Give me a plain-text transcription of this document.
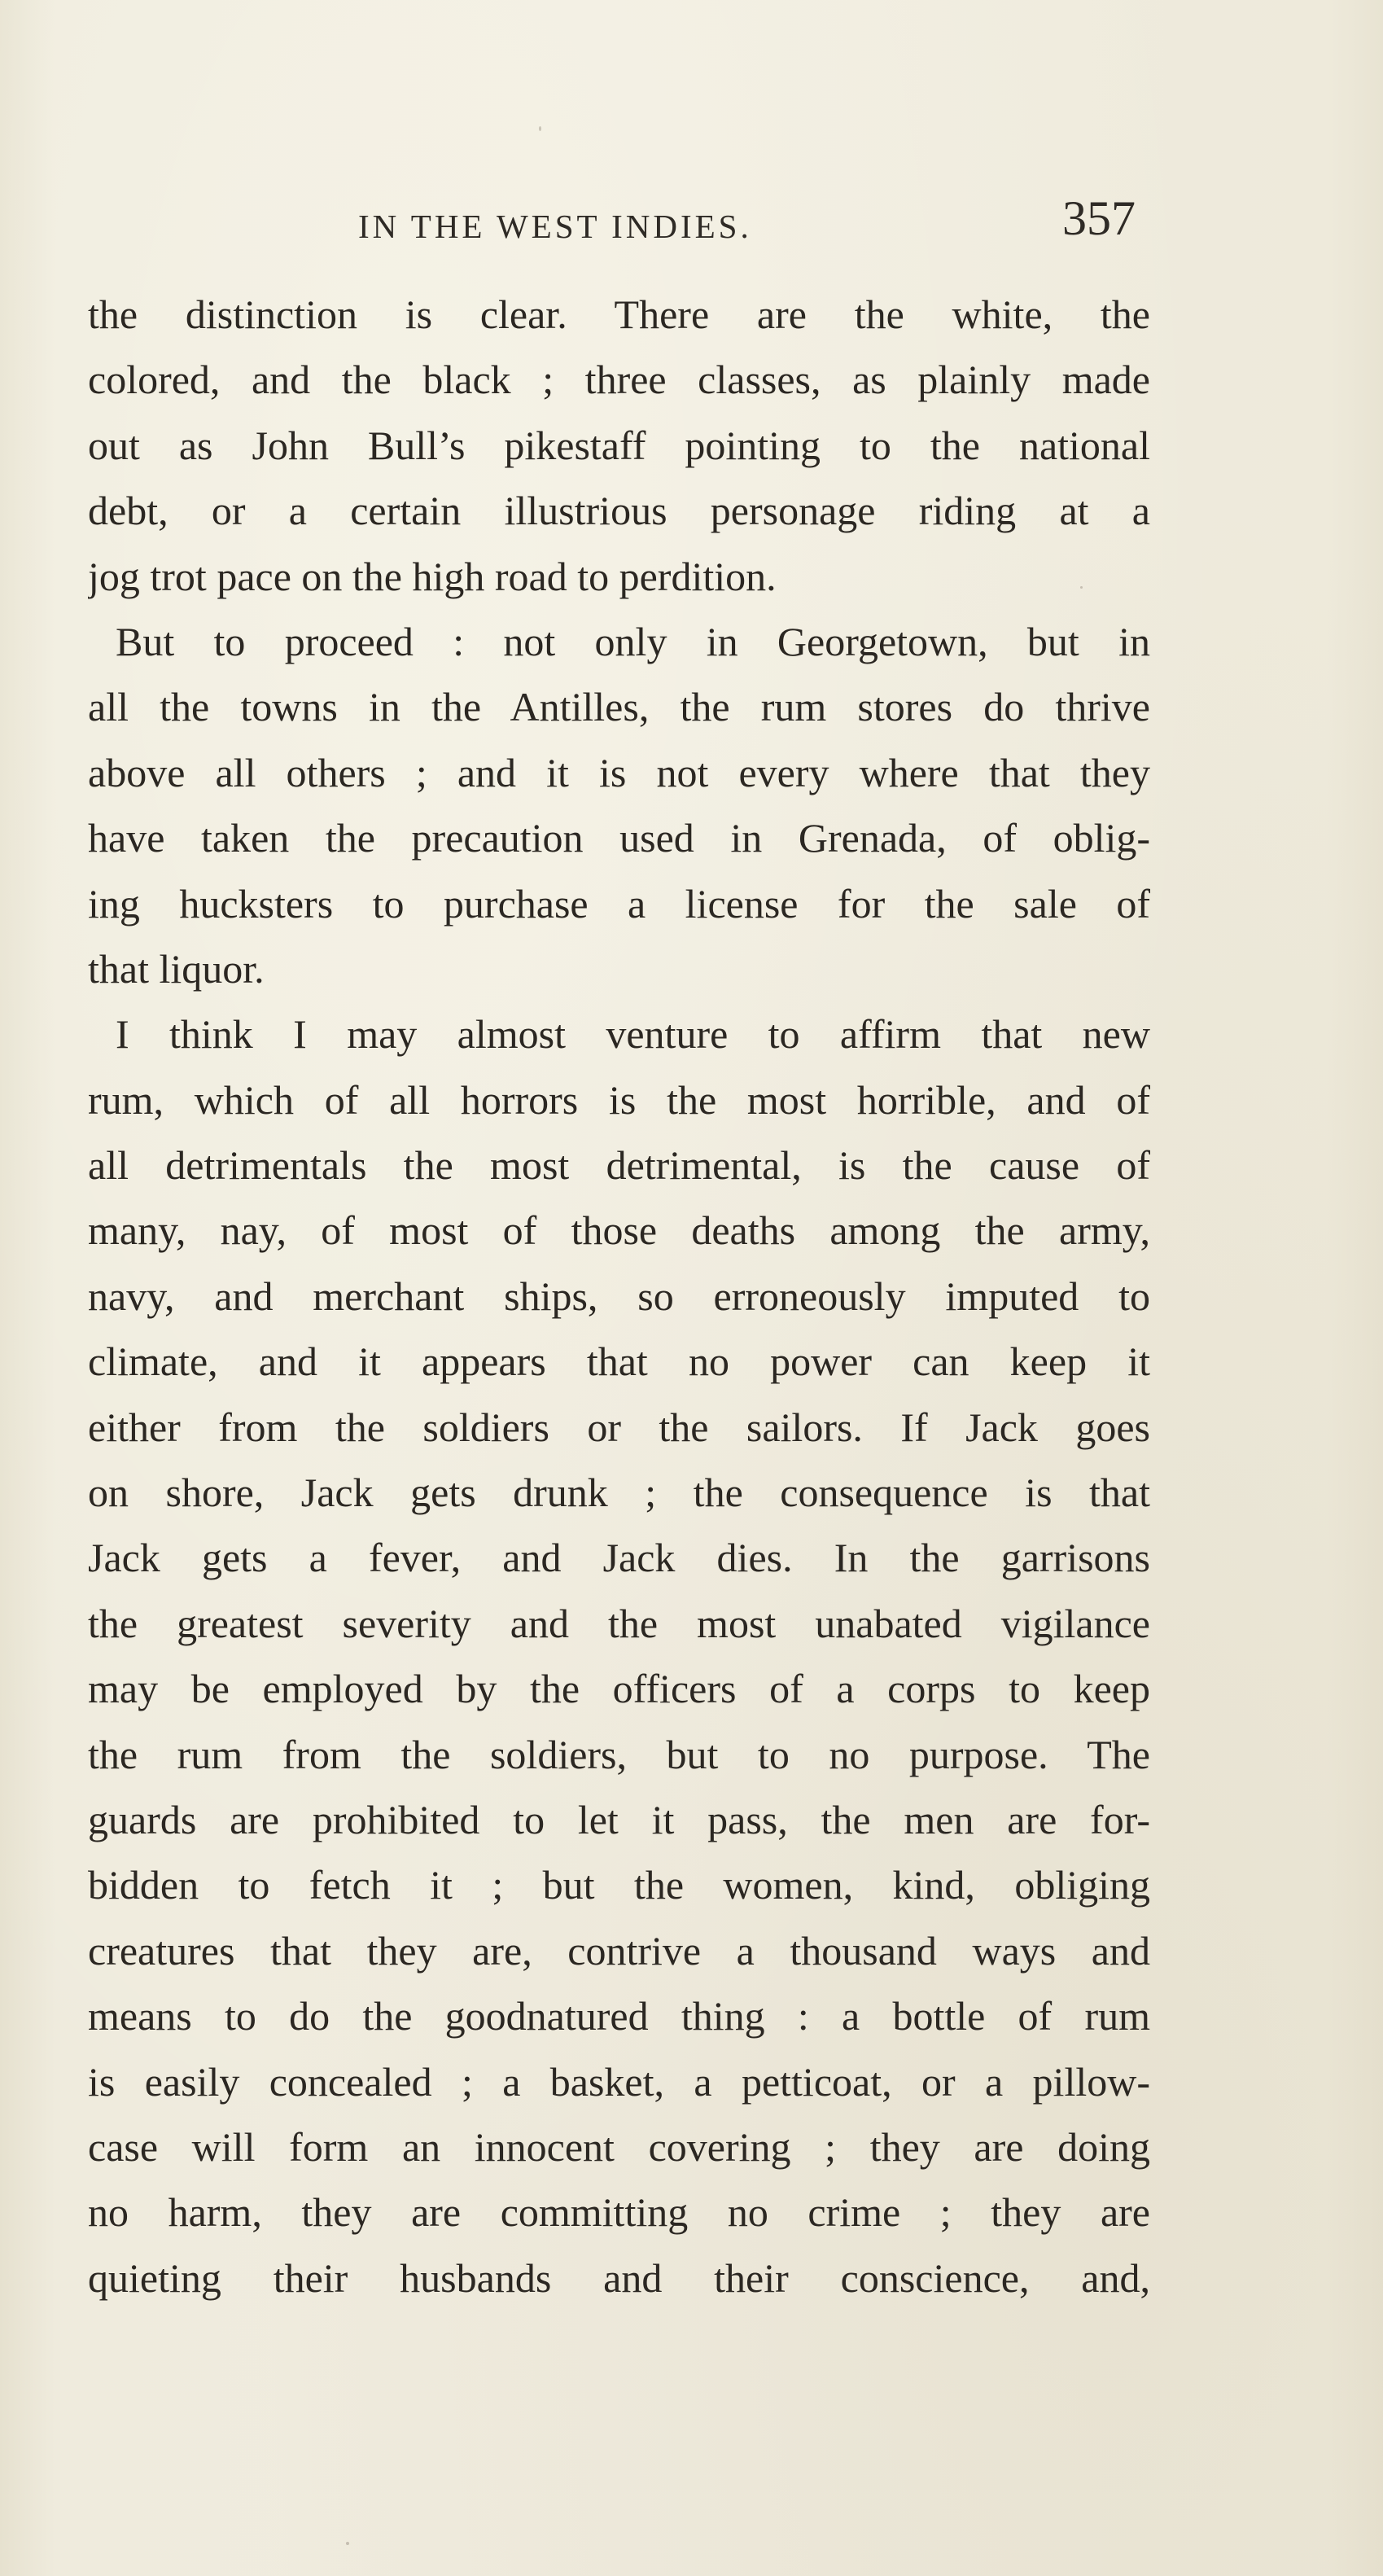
IN THE WEST INDIES.	357
the distinction is clear. There are the white, the
colored, and the black ; three classes, as plainly made
out as John Bull’s pikestaff pointing to the national
debt, or a certain illustrious personage riding at a
jog trot pace on the high road to perdition.
But to proceed : not only in Georgetown, but in
all the towns in the Antilles, the rum stores do thrive
above all others ; and it is not every where that they
have taken the precaution used in Grenada, of oblig-
ing hucksters to purchase a license for the sale of
that liquor.
I think I may almost venture to affirm that new
rum, which of all horrors is the most horrible, and of
all detrimentals the most detrimental, is the cause of
many, nay, of most of those deaths among the army,
navy, and merchant ships, so erroneously imputed to
climate, and it appears that no power can keep it
either from the soldiers or the sailors. If Jack goes
on shore, Jack gets drunk ; the consequence is that
Jack gets a fever, and Jack dies. In the garrisons
the greatest severity and the most unabated vigilance
may be employed by the officers of a corps to keep
the rum from the soldiers, but to no purpose. The
guards are prohibited to let it pass, the men are for-
bidden to fetch it ; but the women, kind, obliging
creatures that they are, contrive a thousand ways and
means to do the goodnatured thing : a bottle of rum
is easily concealed ; a basket, a petticoat, or a pillow-
case will form an innocent covering ; they are doing
no harm, they are committing no crime ; they are
quieting their husbands and their conscience, and,
